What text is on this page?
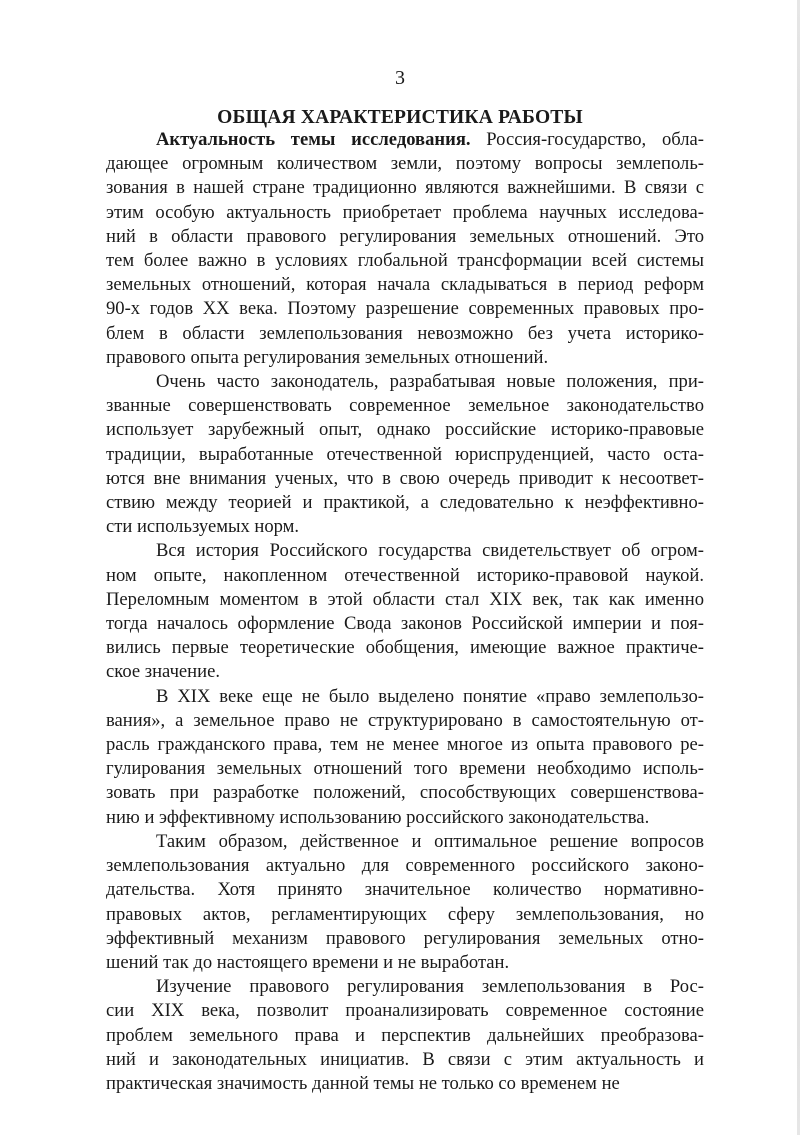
3
ОБЩАЯ ХАРАКТЕРИСТИКА РАБОТЫ
Актуальность темы исследования. Россия-государство, обла-
дающее огромным количеством земли, поэтому вопросы землеполь-
зования в нашей стране традиционно являются важнейшими. В связи с
этим особую актуальность приобретает проблема научных исследова-
ний в области правового регулирования земельных отношений. Это
тем более важно в условиях глобальной трансформации всей системы
земельных отношений, которая начала складываться в период реформ
90-х годов XX века. Поэтому разрешение современных правовых про-
блем в области землепользования невозможно без учета историко-
правового опыта регулирования земельных отношений.
Очень часто законодатель, разрабатывая новые положения, при-
званные совершенствовать современное земельное законодательство
использует зарубежный опыт, однако российские историко-правовые
традиции, выработанные отечественной юриспруденцией, часто оста-
ются вне внимания ученых, что в свою очередь приводит к несоответ-
ствию между теорией и практикой, а следовательно к неэффективно-
сти используемых норм.
Вся история Российского государства свидетельствует об огром-
ном опыте, накопленном отечественной историко-правовой наукой.
Переломным моментом в этой области стал XIX век, так как именно
тогда началось оформление Свода законов Российской империи и поя-
вились первые теоретические обобщения, имеющие важное практиче-
ское значение.
В XIX веке еще не было выделено понятие «право землепользо-
вания», а земельное право не структурировано в самостоятельную от-
расль гражданского права, тем не менее многое из опыта правового ре-
гулирования земельных отношений того времени необходимо исполь-
зовать при разработке положений, способствующих совершенствова-
нию и эффективному использованию российского законодательства.
Таким образом, действенное и оптимальное решение вопросов
землепользования актуально для современного российского законо-
дательства. Хотя принято значительное количество нормативно-
правовых актов, регламентирующих сферу землепользования, но
эффективный механизм правового регулирования земельных отно-
шений так до настоящего времени и не выработан.
Изучение правового регулирования землепользования в Рос-
сии XIX века, позволит проанализировать современное состояние
проблем земельного права и перспектив дальнейших преобразова-
ний и законодательных инициатив. В связи с этим актуальность и
практическая значимость данной темы не только со временем не
